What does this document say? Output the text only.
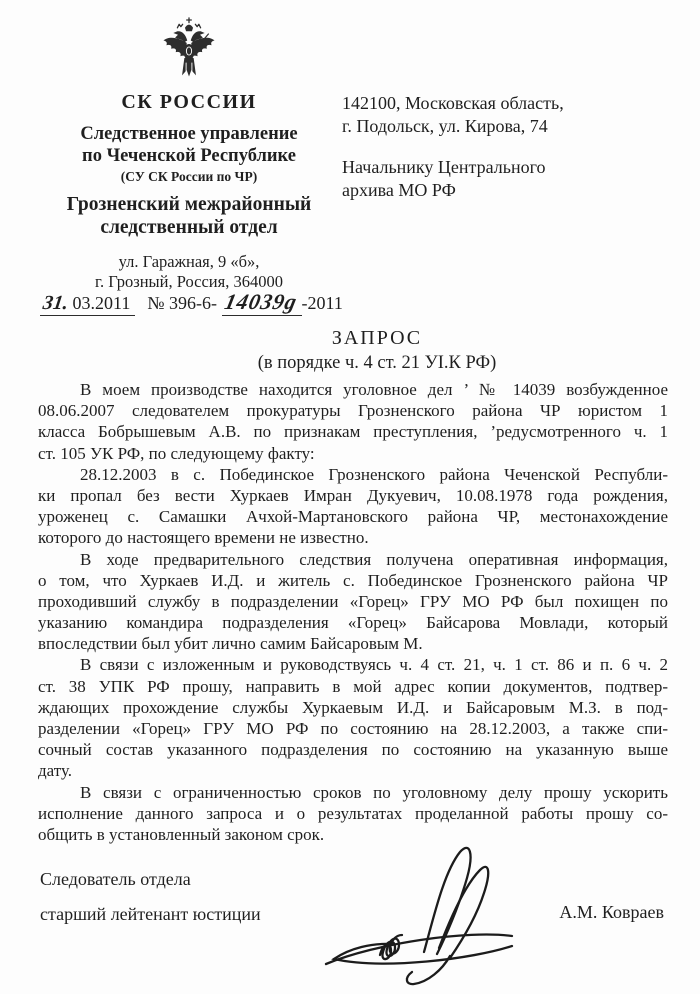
СК РОССИИ
Следственное управление
по Чеченской Республике
(СУ СК России по ЧР)
Грозненский межрайонный
следственный отдел
ул. Гаражная, 9 «б»,
г. Грозный, Россия, 364000
142100, Московская область,
г. Подольск, ул. Кирова, 74
Начальнику Центрального
архива МО РФ
31. 03.2011 № 396-6- 14039g -2011
ЗАПРОС
(в порядке ч. 4 ст. 21 УI.К РФ)
В моем производстве находится уголовное дел ’ № 14039 возбужденное
08.06.2007 следователем прокуратуры Грозненского района ЧР юристом 1
класса Бобрышевым А.В. по признакам преступления, ’редусмотренного ч. 1
ст. 105 УК РФ, по следующему факту:
28.12.2003 в с. Побединское Грозненского района Чеченской Республи-
ки пропал без вести Хуркаев Имран Дукуевич, 10.08.1978 года рождения,
уроженец с. Самашки Ачхой-Мартановского района ЧР, местонахождение
которого до настоящего времени не известно.
В ходе предварительного следствия получена оперативная информация,
о том, что Хуркаев И.Д. и житель с. Побединское Грозненского района ЧР
проходивший службу в подразделении «Горец» ГРУ МО РФ был похищен по
указанию командира подразделения «Горец» Байсарова Мовлади, который
впоследствии был убит лично самим Байсаровым М.
В связи с изложенным и руководствуясь ч. 4 ст. 21, ч. 1 ст. 86 и п. 6 ч. 2
ст. 38 УПК РФ прошу, направить в мой адрес копии документов, подтвер-
ждающих прохождение службы Хуркаевым И.Д. и Байсаровым М.З. в под-
разделении «Горец» ГРУ МО РФ по состоянию на 28.12.2003, а также спи-
сочный состав указанного подразделения по состоянию на указанную выше
дату.
В связи с ограниченностью сроков по уголовному делу прошу ускорить
исполнение данного запроса и о результатах проделанной работы прошу со-
общить в установленный законом срок.
Следователь отдела
старший лейтенант юстиции	А.М. Ковраев
